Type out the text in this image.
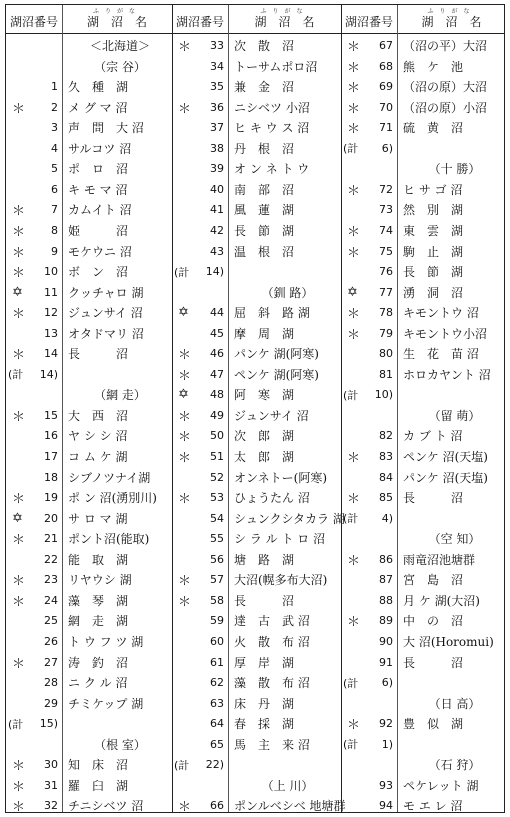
湖沼番号
ふりがな
湖　沼　名
＜北海道＞
（宗 谷）
1 久　種　湖
＊	2 メ グ マ 沼
3 声　問　大 沼
4 サルコツ 沼
5 ポ　ロ　沼
6 キ モ マ 沼
＊	7 カムイト 沼
＊	8 姫　　　沼
＊	9 モケウニ 沼
＊	10 ボ　ン　沼
✡	11 クッチャロ 湖
＊	12 ジュンサイ 沼
13 オタドマリ 沼
＊	14 長　　　沼
(計	14)
（網 走）
＊	15 大　西　沼
16 ヤ シ シ 沼
17 コ ム ケ 湖
18 シブノツナイ湖
＊	19 ポ ン 沼(湧別川)
✡	20 サ ロ マ 湖
＊	21 ポント沼(能取)
22 能　取　湖
＊	23 リヤウシ 湖
＊	24 藻　琴　湖
25 網　走　湖
26 ト ウ フ ツ 湖
＊	27 涛　釣　沼
28 ニ ク ル 沼
29 チミケップ 湖
(計	15)
（根 室）
＊	30 知　床　沼
＊	31 羅　臼　湖
＊	32 チニシベツ 沼
湖沼番号
ふりがな
湖　沼　名
＊	33 次　散　沼
34 トーサムポロ沼
35 兼　金　沼
＊	36 ニシベツ 小沼
37 ヒ キ ウ ス 沼
38 丹　根　沼
39 オ ン ネ ト ウ
40 南　部　沼
41 風　蓮　湖
42 長　節　湖
43 温　根　沼
(計	14)
（釧 路）
✡	44 屈　斜　路 湖
45 摩　周　湖
＊	46 パンケ 湖(阿寒)
＊	47 ペンケ 湖(阿寒)
✡	48 阿　寒　湖
＊	49 ジュンサイ 沼
＊	50 次　郎　湖
＊	51 太　郎　湖
52 オンネトー(阿寒)
＊	53 ひょうたん 沼
54 シュンクシタカラ 湖
55 シ ラ ル ト ロ 沼
56 塘　路　湖
＊	57 大沼(幌多布大沼)
＊	58 長　　　沼
59 達　古　武 沼
60 火　散　布 沼
61 厚　岸　湖
62 藻　散　布 沼
63 床　丹　湖
64 春　採　湖
65 馬　主　来 沼
(計	22)
（上 川）
＊	66 ポンルベシベ 地塘群
湖沼番号
ふりがな
湖　沼　名
＊	67 （沼の平）大沼
＊	68 熊　ケ　池
＊	69 （沼の原）大沼
＊	70 （沼の原）小沼
＊	71 硫　黄　沼
(計	6)
（十 勝）
＊	72 ヒ サ ゴ 沼
73 然　別　湖
＊	74 東　雲　湖
＊	75 駒　止　湖
76 長　節　湖
✡	77 湧　洞　沼
＊	78 キモントウ 沼
＊	79 キモントウ小沼
80 生　花　苗 沼
81 ホロカヤント 沼
(計	10)
（留 萌）
82 カ ブ ト 沼
＊	83 ペンケ 沼(天塩)
84 パンケ 沼(天塩)
＊	85 長　　　沼
(計	4)
（空 知）
＊	86 雨竜沼池塘群
87 宮　島　沼
88 月 ケ 湖(大沼)
＊	89 中　の　沼
90 大 沼(Horomui)
91 長　　　沼
(計	6)
（日 高）
＊	92 豊　似　湖
(計	1)
（石 狩）
93 ペケレット 湖
94 モ エ レ 沼
